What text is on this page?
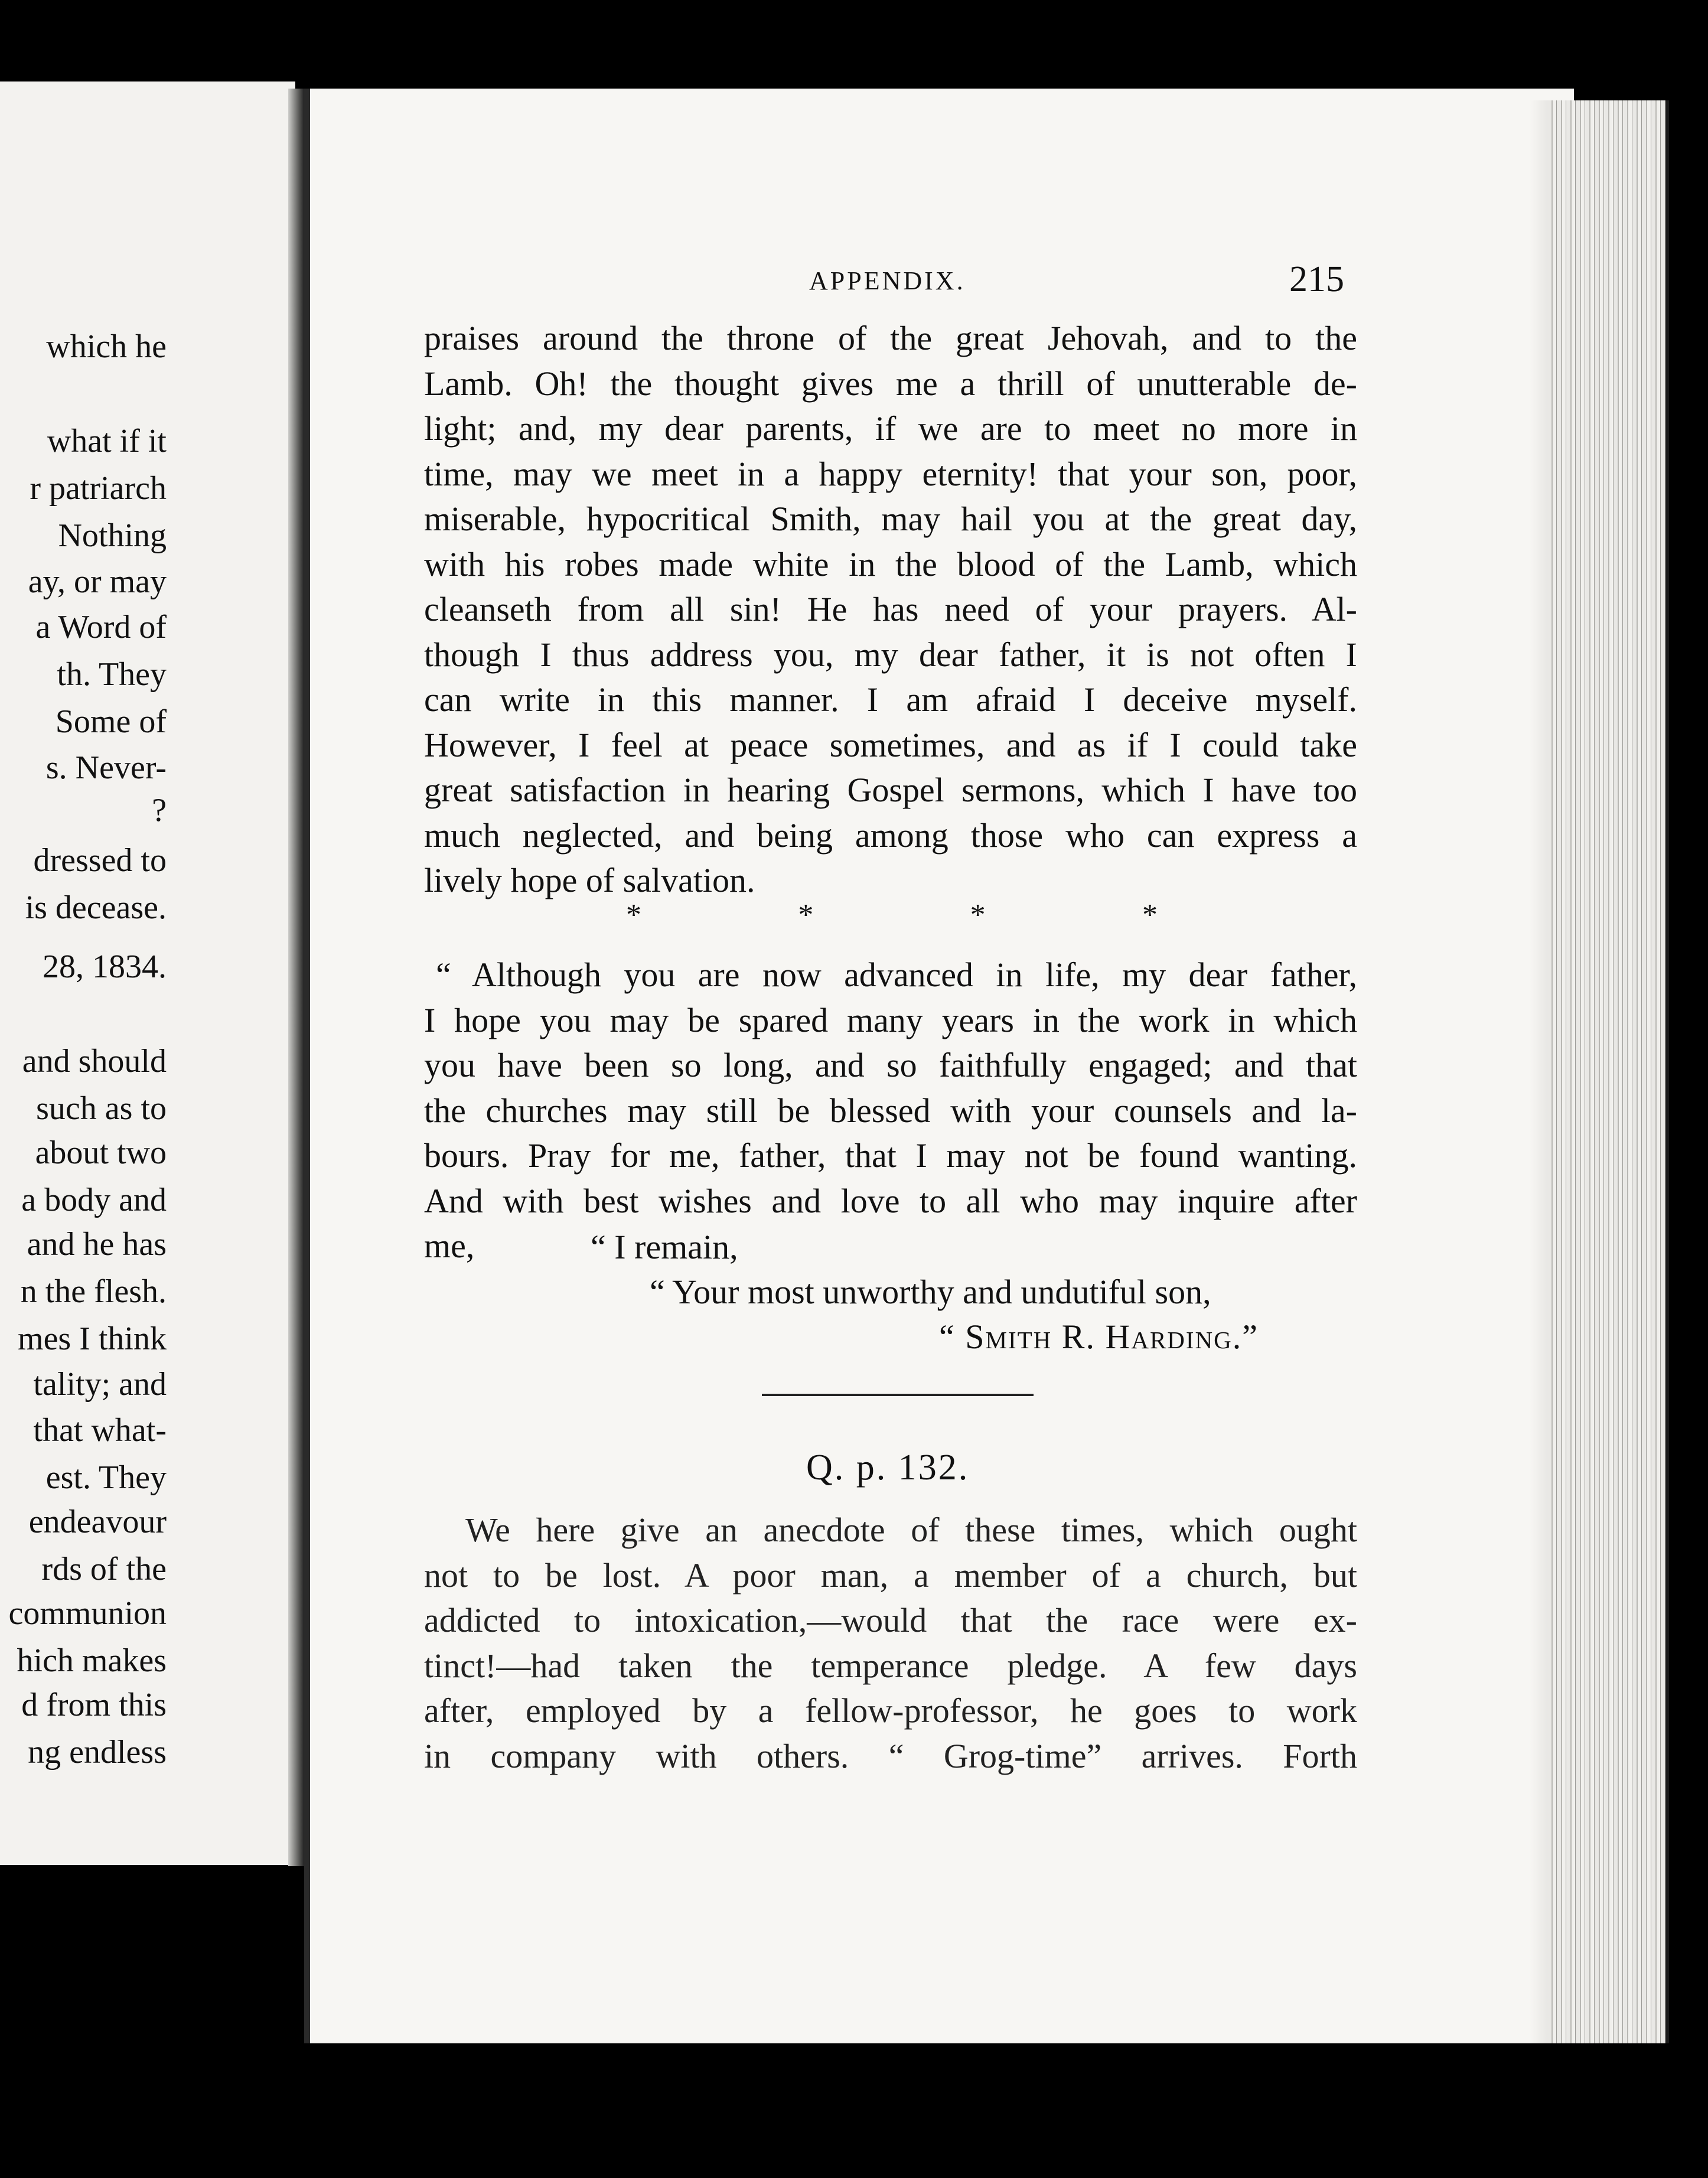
which he
what if it
r patriarch
Nothing
ay, or may
a Word of
th. They
Some of
s. Never-
?
dressed to
is decease.
28, 1834.
and should
such as to
about two
a body and
and he has
n the flesh.
mes I think
tality; and
that what-
est. They
endeavour
rds of the
communion
hich makes
d from this
ng endless
APPENDIX.	215
praises around the throne of the great Jehovah, and to the
Lamb. Oh! the thought gives me a thrill of unutterable de-
light; and, my dear parents, if we are to meet no more in
time, may we meet in a happy eternity! that your son, poor,
miserable, hypocritical Smith, may hail you at the great day,
with his robes made white in the blood of the Lamb, which
cleanseth from all sin! He has need of your prayers. Al-
though I thus address you, my dear father, it is not often I
can write in this manner. I am afraid I deceive myself.
However, I feel at peace sometimes, and as if I could take
great satisfaction in hearing Gospel sermons, which I have too
much neglected, and being among those who can express a
lively hope of salvation.
*	*	*	*
“ Although you are now advanced in life, my dear father,
I hope you may be spared many years in the work in which
you have been so long, and so faithfully engaged; and that
the churches may still be blessed with your counsels and la-
bours. Pray for me, father, that I may not be found wanting.
And with best wishes and love to all who may inquire after
me,	“ I remain,
“ Your most unworthy and undutiful son,
“ Smith R. Harding.”
Q. p. 132.
We here give an anecdote of these times, which ought
not to be lost. A poor man, a member of a church, but
addicted to intoxication,—would that the race were ex-
tinct!—had taken the temperance pledge. A few days
after, employed by a fellow-professor, he goes to work
in company with others. “ Grog-time” arrives. Forth
